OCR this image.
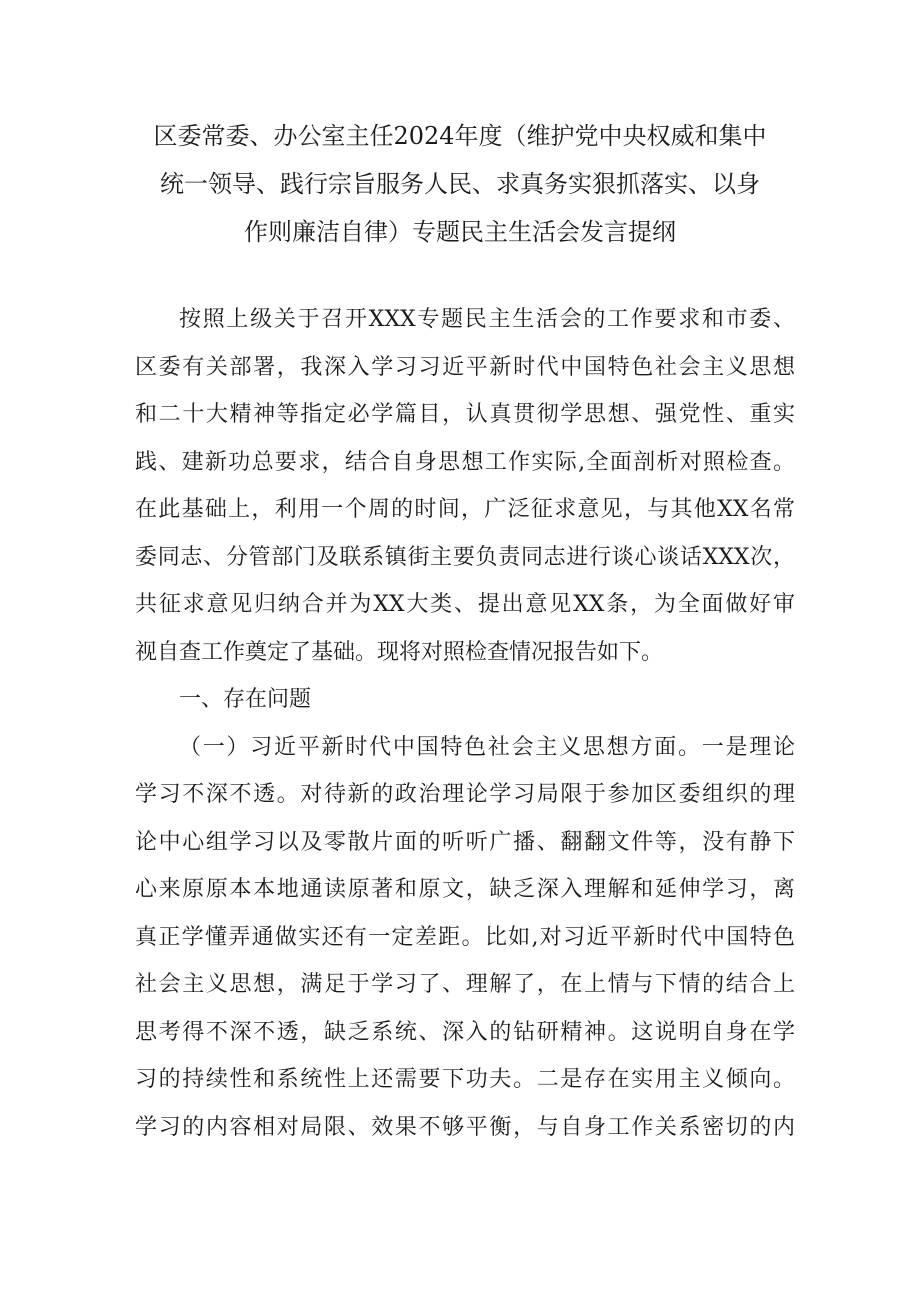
区委常委、办公室主任2024年度（维护党中央权威和集中
统一领导、践行宗旨服务人民、求真务实狠抓落实、以身
作则廉洁自律）专题民主生活会发言提纲
按照上级关于召开XXX专题民主生活会的工作要求和市委、
区委有关部署，我深入学习习近平新时代中国特色社会主义思想
和二十大精神等指定必学篇目，认真贯彻学思想、强党性、重实
践、建新功总要求，结合自身思想工作实际,全面剖析对照检查。
在此基础上，利用一个周的时间，广泛征求意见，与其他XX名常
委同志、分管部门及联系镇街主要负责同志进行谈心谈话XXX次，
共征求意见归纳合并为XX大类、提出意见XX条，为全面做好审
视自查工作奠定了基础。现将对照检查情况报告如下。
一、存在问题
（一）习近平新时代中国特色社会主义思想方面。一是理论
学习不深不透。对待新的政治理论学习局限于参加区委组织的理
论中心组学习以及零散片面的听听广播、翻翻文件等，没有静下
心来原原本本地通读原著和原文，缺乏深入理解和延伸学习，离
真正学懂弄通做实还有一定差距。比如,对习近平新时代中国特色
社会主义思想，满足于学习了、理解了，在上情与下情的结合上
思考得不深不透，缺乏系统、深入的钻研精神。这说明自身在学
习的持续性和系统性上还需要下功夫。二是存在实用主义倾向。
学习的内容相对局限、效果不够平衡，与自身工作关系密切的内
